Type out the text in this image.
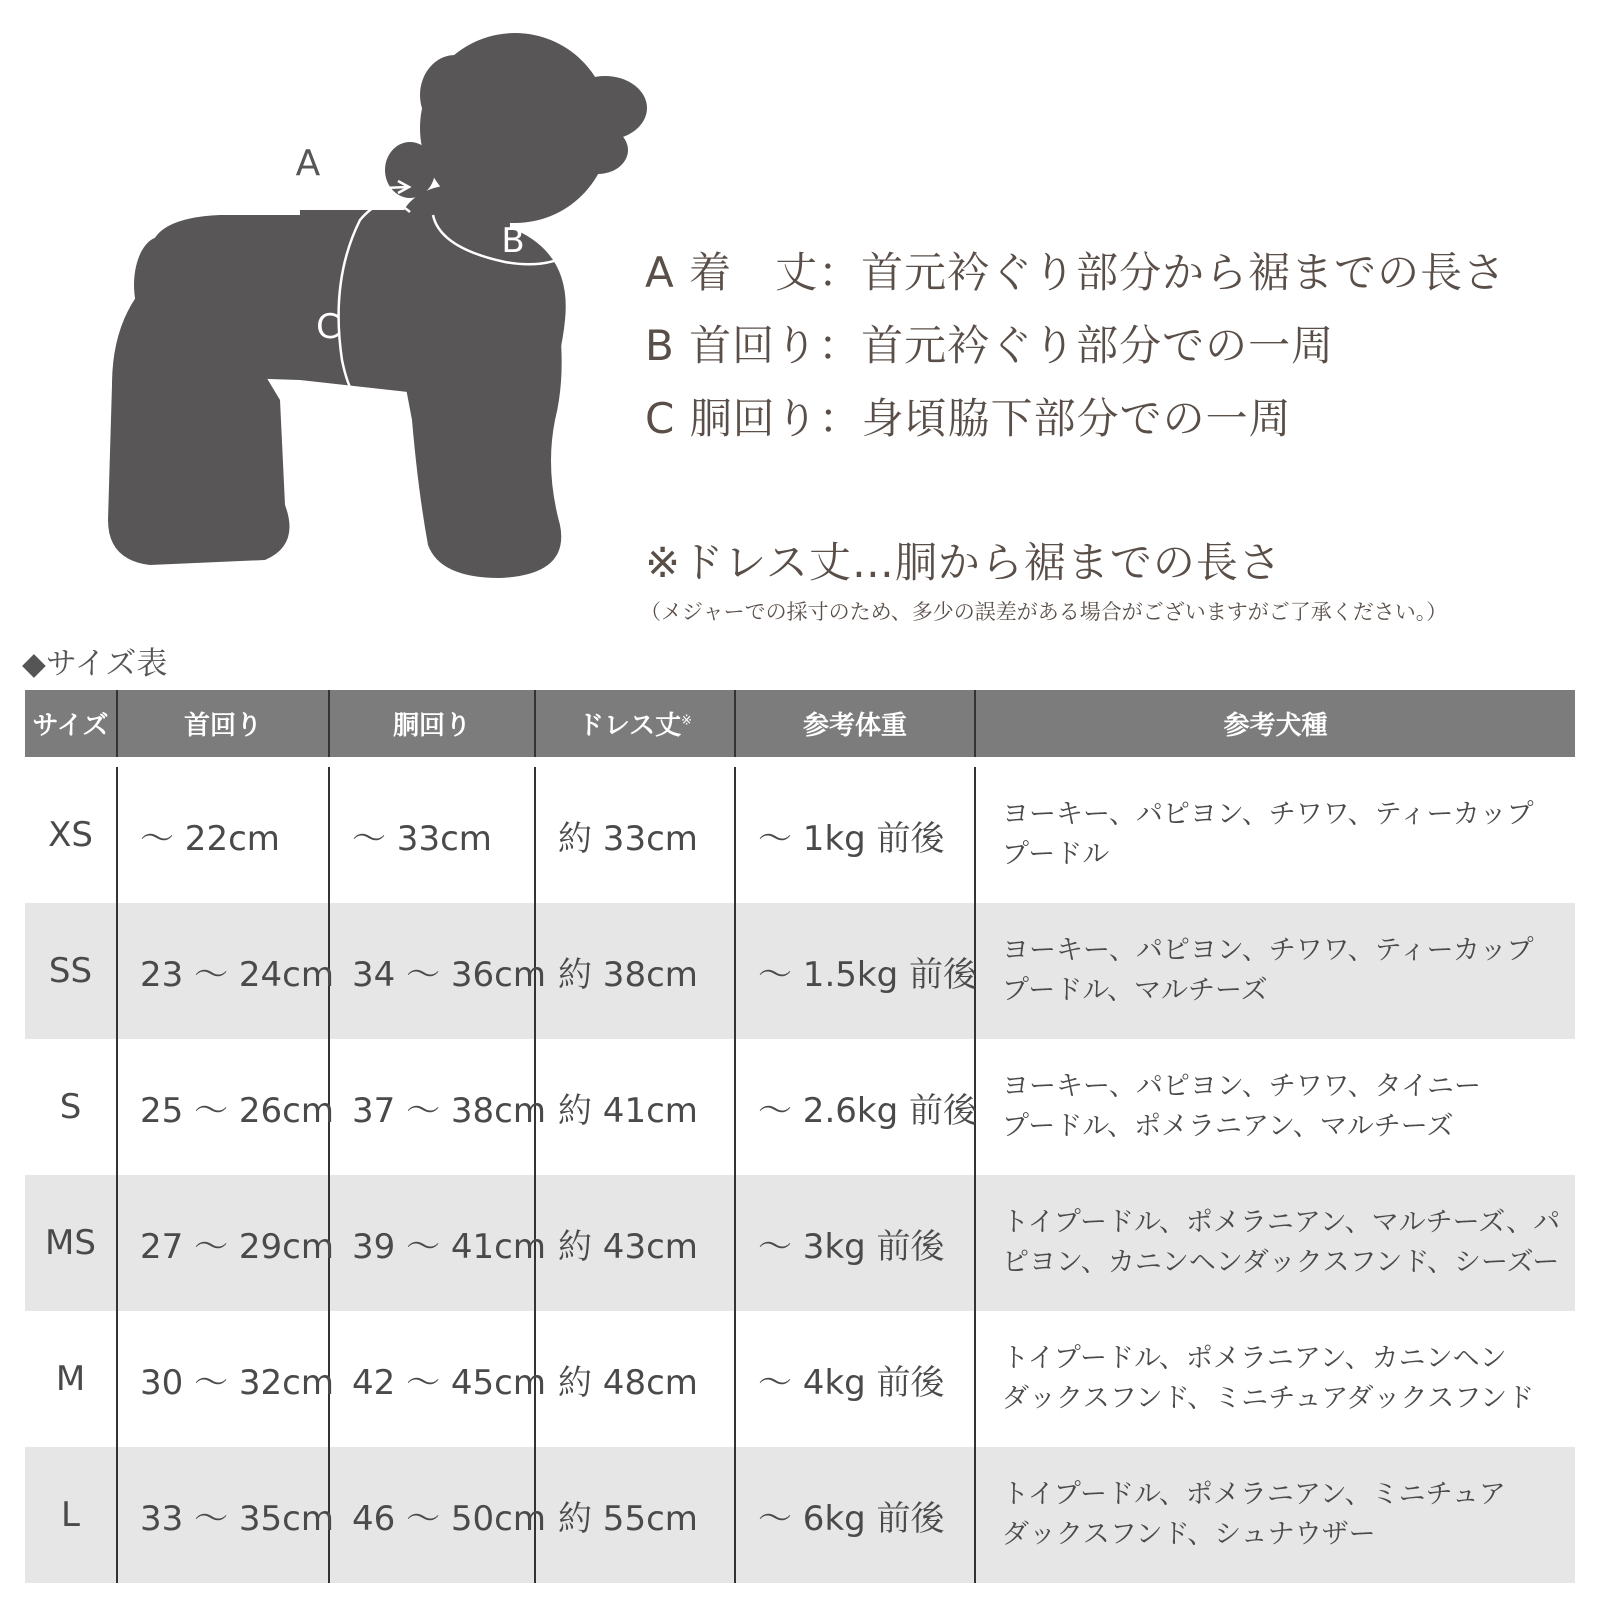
A
B
C
A 着　丈：首元衿ぐり部分から裾までの長さ
B 首回り：首元衿ぐり部分での一周
C 胴回り：身頃脇下部分での一周
※ドレス丈…胴から裾までの長さ
（メジャーでの採寸のため、多少の誤差がある場合がございますがご了承ください。）
◆サイズ表
サイズ	首回り	胴回り	ドレス丈※	参考体重	参考犬種
XS	～ 22cm	～ 33cm	約 33cm	～ 1kg 前後	ヨーキー、パピヨン、チワワ、ティーカップ
プードル

SS	23 ～ 24cm	34 ～ 36cm	約 38cm	～ 1.5kg 前後	ヨーキー、パピヨン、チワワ、ティーカップ
プードル、マルチーズ

S	25 ～ 26cm	37 ～ 38cm	約 41cm	～ 2.6kg 前後	ヨーキー、パピヨン、チワワ、タイニー
プードル、ポメラニアン、マルチーズ

MS	27 ～ 29cm	39 ～ 41cm	約 43cm	～ 3kg 前後	トイプードル、ポメラニアン、マルチーズ、パ
ピヨン、カニンヘンダックスフンド、シーズー

M	30 ～ 32cm	42 ～ 45cm	約 48cm	～ 4kg 前後	トイプードル、ポメラニアン、カニンヘン
ダックスフンド、ミニチュアダックスフンド

L	33 ～ 35cm	46 ～ 50cm	約 55cm	～ 6kg 前後	トイプードル、ポメラニアン、ミニチュア
ダックスフンド、シュナウザー
